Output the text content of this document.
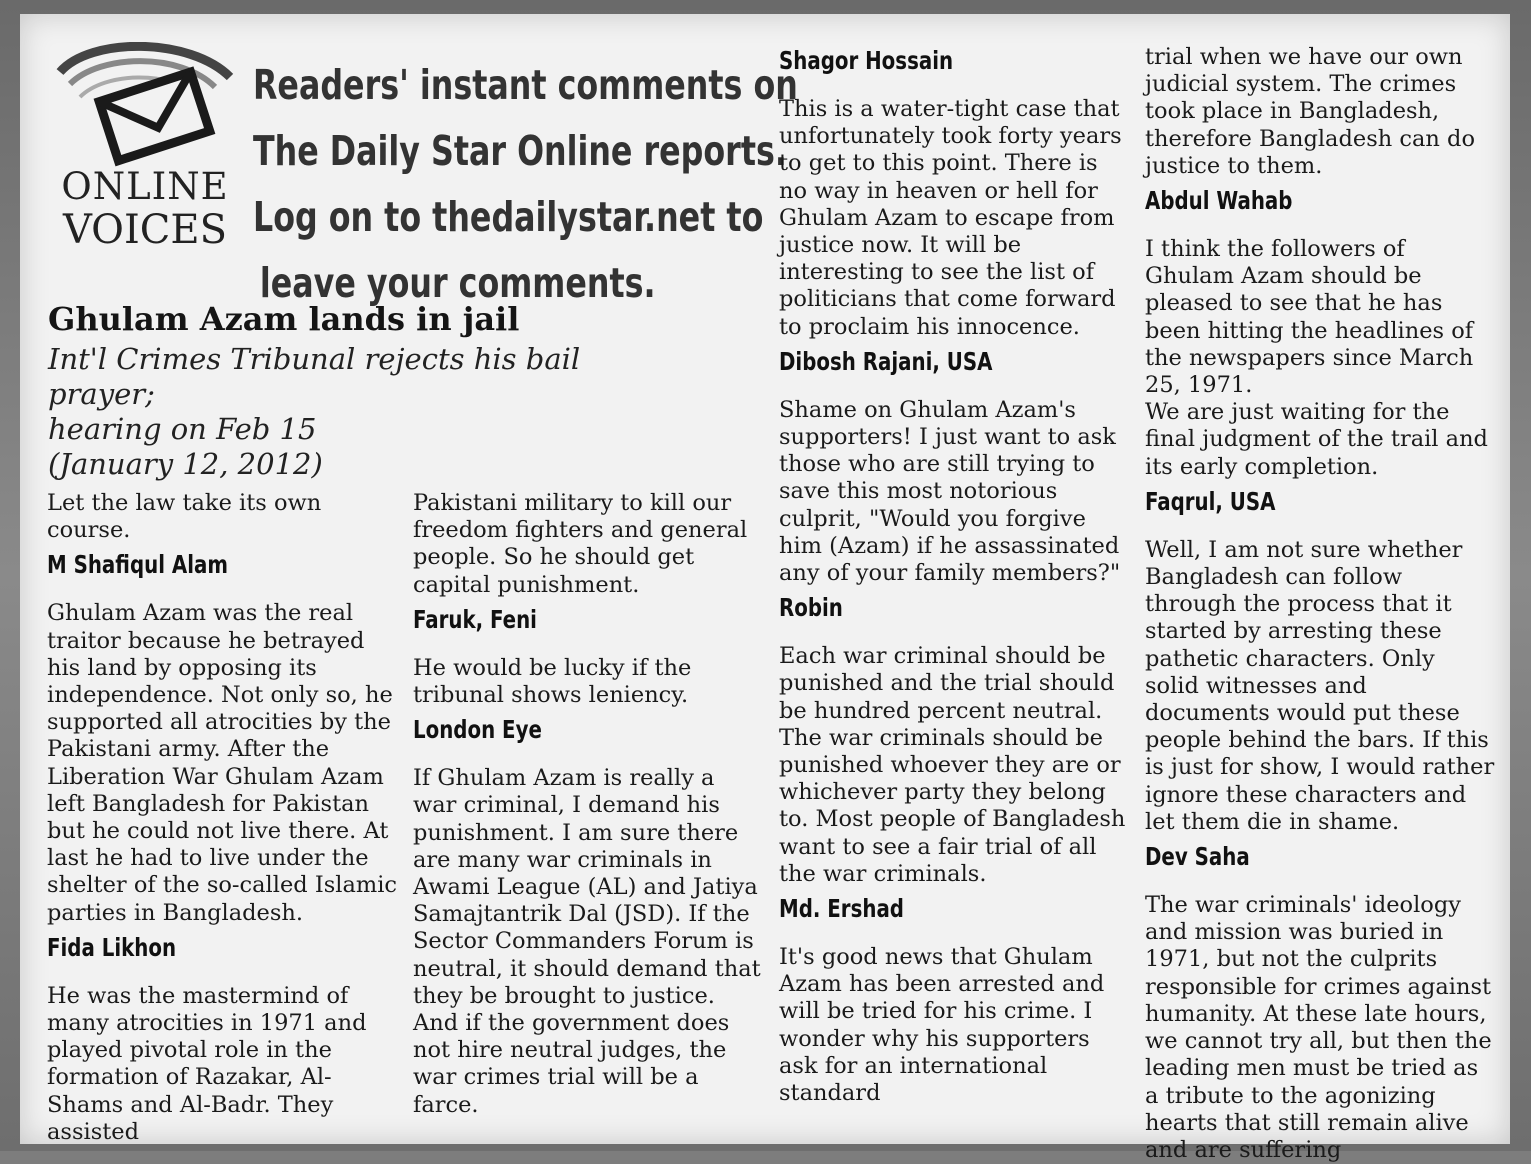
ONLINE
VOICES
Readers' instant comments on
The Daily Star Online reports.
Log on to thedailystar.net to
leave your comments.
Ghulam Azam lands in jail
Int'l Crimes Tribunal rejects his bail prayer;
hearing on Feb 15
(January 12, 2012)

Let the law take its own course.

M Shafiqul Alam

Ghulam Azam was the real traitor because he betrayed his land by opposing its independence. Not only so, he supported all atrocities by the Pakistani army. After the Liberation War Ghulam Azam left Bangladesh for Pakistan but he could not live there. At last he had to live under the shelter of the so-called Islamic parties in Bangladesh.

Fida Likhon

He was the mastermind of many atrocities in 1971 and played pivotal role in the formation of Razakar, Al-Shams and Al-Badr. They assisted

Pakistani military to kill our freedom fighters and general people. So he should get capital punishment.

Faruk, Feni

He would be lucky if the tribunal shows leniency.

London Eye

If Ghulam Azam is really a war criminal, I demand his punishment. I am sure there are many war criminals in Awami League (AL) and Jatiya Samajtantrik Dal (JSD). If the Sector Commanders Forum is neutral, it should demand that they be brought to justice. And if the government does not hire neutral judges, the war crimes trial will be a farce.

Shagor Hossain

This is a water-tight case that unfortunately took forty years to get to this point. There is no way in heaven or hell for Ghulam Azam to escape from justice now. It will be interesting to see the list of politicians that come forward to proclaim his innocence.

Dibosh Rajani, USA

Shame on Ghulam Azam's supporters! I just want to ask those who are still trying to save this most notorious culprit, "Would you forgive him (Azam) if he assassinated any of your family members?"

Robin

Each war criminal should be punished and the trial should be hundred percent neutral. The war criminals should be punished whoever they are or whichever party they belong to. Most people of Bangladesh want to see a fair trial of all the war criminals.

Md. Ershad

It's good news that Ghulam Azam has been arrested and will be tried for his crime. I wonder why his supporters ask for an international standard

trial when we have our own judicial system. The crimes took place in Bangladesh, therefore Bangladesh can do justice to them.

Abdul Wahab

I think the followers of Ghulam Azam should be pleased to see that he has been hitting the headlines of the newspapers since March 25, 1971.

We are just waiting for the final judgment of the trail and its early completion.

Faqrul, USA

Well, I am not sure whether Bangladesh can follow through the process that it started by arresting these pathetic characters. Only solid witnesses and documents would put these people behind the bars. If this is just for show, I would rather ignore these characters and let them die in shame.

Dev Saha

The war criminals' ideology and mission was buried in 1971, but not the culprits responsible for crimes against humanity. At these late hours, we cannot try all, but then the leading men must be tried as a tribute to the agonizing hearts that still remain alive and are suffering
